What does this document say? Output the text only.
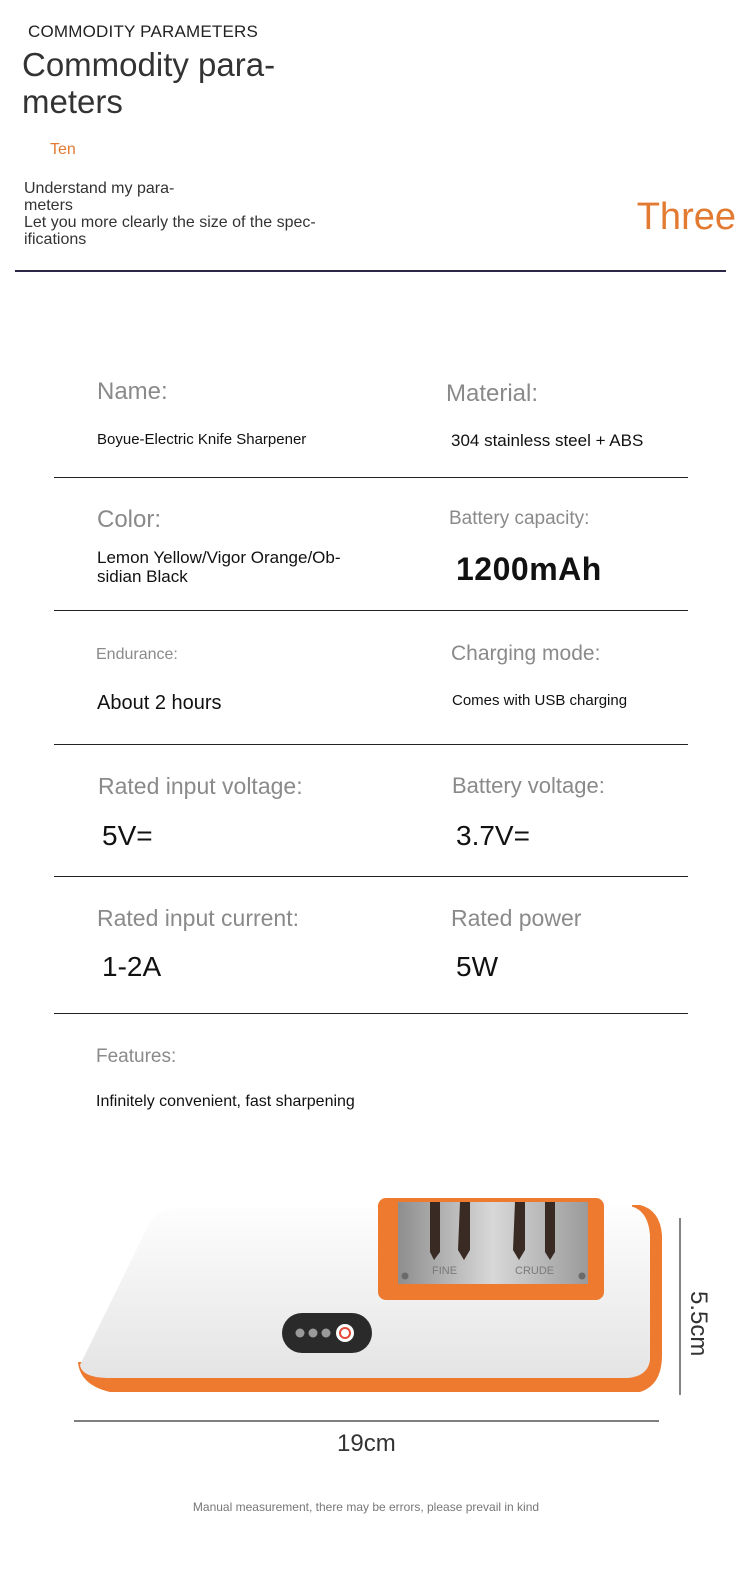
COMMODITY PARAMETERS
Commodity para- meters
Ten
Understand my para- meters
Let you more clearly the size of the spec- ifications
Three
Name:
Boyue-Electric Knife Sharpener
Material:
304 stainless steel + ABS
Color:
Lemon Yellow/Vigor Orange/Ob- sidian Black
Battery capacity:
1200mAh
Endurance:
About 2 hours
Charging mode:
Comes with USB charging
Rated input voltage:
5V=
Battery voltage:
3.7V=
Rated input current:
1-2A
Rated power
5W
Features:
Infinitely convenient, fast sharpening
FINE	CRUDE
5.5cm
19cm
Manual measurement, there may be errors, please prevail in kind
